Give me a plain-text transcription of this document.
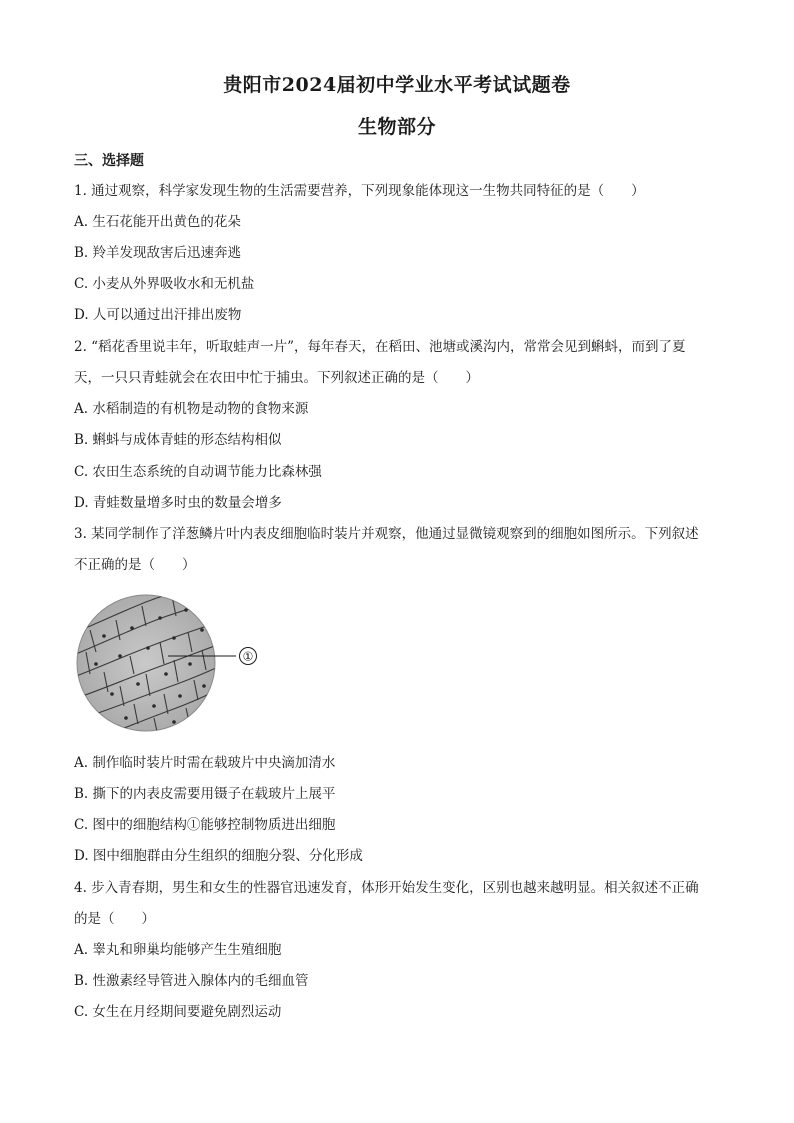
贵阳市2024届初中学业水平考试试题卷
生物部分
三、选择题
1. 通过观察，科学家发现生物的生活需要营养，下列现象能体现这一生物共同特征的是（　　）
A. 生石花能开出黄色的花朵
B. 羚羊发现敌害后迅速奔逃
C. 小麦从外界吸收水和无机盐
D. 人可以通过出汗排出废物
2. “稻花香里说丰年，听取蛙声一片”，每年春天，在稻田、池塘或溪沟内，常常会见到蝌蚪，而到了夏
天，一只只青蛙就会在农田中忙于捕虫。下列叙述正确的是（　　）
A. 水稻制造的有机物是动物的食物来源
B. 蝌蚪与成体青蛙的形态结构相似
C. 农田生态系统的自动调节能力比森林强
D. 青蛙数量增多时虫的数量会增多
3. 某同学制作了洋葱鳞片叶内表皮细胞临时装片并观察，他通过显微镜观察到的细胞如图所示。下列叙述
不正确的是（　　）
①
A. 制作临时装片时需在载玻片中央滴加清水
B. 撕下的内表皮需要用镊子在载玻片上展平
C. 图中的细胞结构①能够控制物质进出细胞
D. 图中细胞群由分生组织的细胞分裂、分化形成
4. 步入青春期，男生和女生的性器官迅速发育，体形开始发生变化，区别也越来越明显。相关叙述不正确
的是（　　）
A. 睾丸和卵巢均能够产生生殖细胞
B. 性激素经导管进入腺体内的毛细血管
C. 女生在月经期间要避免剧烈运动
